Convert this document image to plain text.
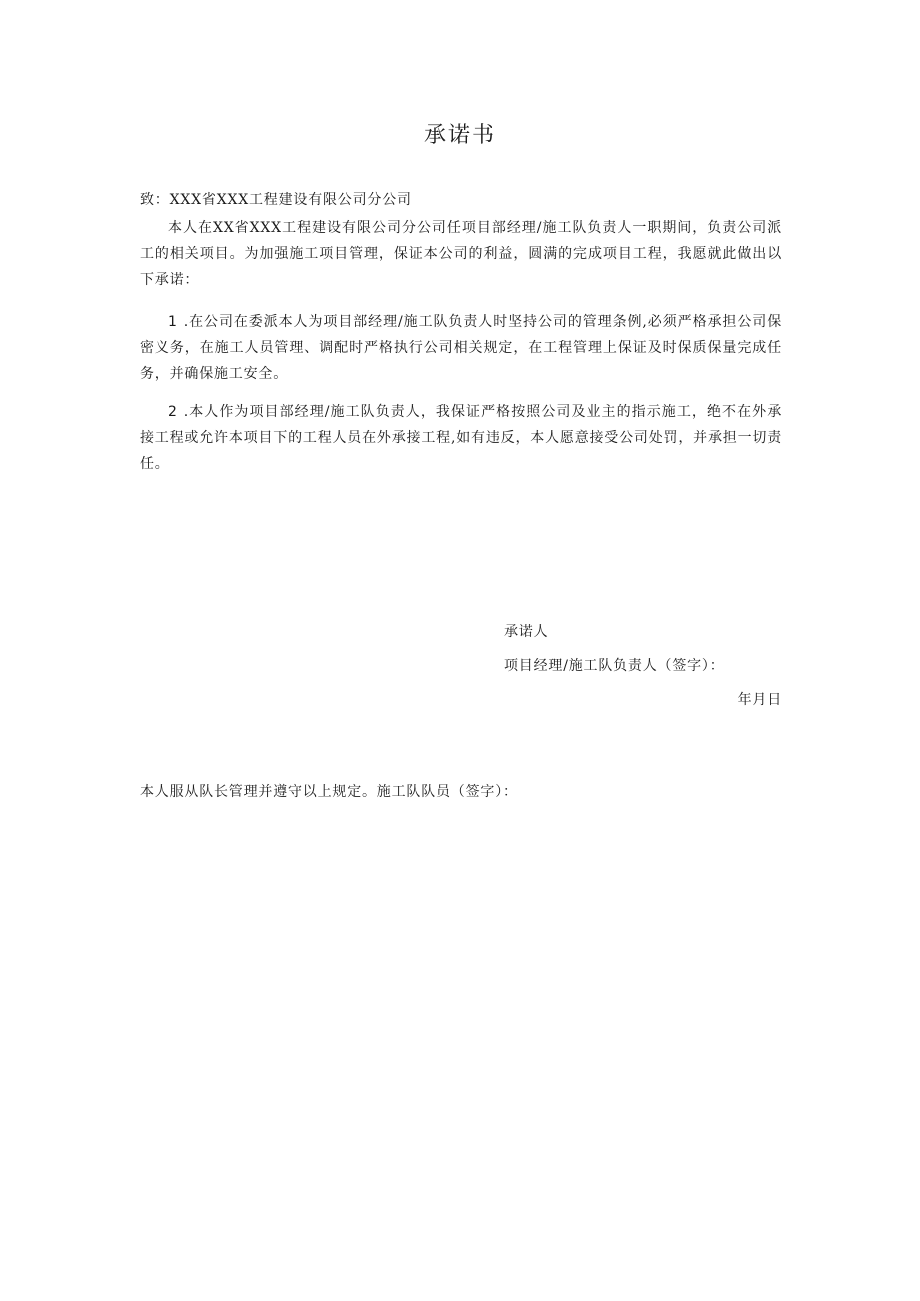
承诺书
致：XXX省XXX工程建设有限公司分公司

本人在XX省XXX工程建设有限公司分公司任项目部经理/施工队负责人一职期间，负责公司派工的相关项目。为加强施工项目管理，保证本公司的利益，圆满的完成项目工程，我愿就此做出以下承诺：

1 .在公司在委派本人为项目部经理/施工队负责人时坚持公司的管理条例,必须严格承担公司保密义务，在施工人员管理、调配时严格执行公司相关规定，在工程管理上保证及时保质保量完成任务，并确保施工安全。

2 .本人作为项目部经理/施工队负责人，我保证严格按照公司及业主的指示施工，绝不在外承接工程或允许本项目下的工程人员在外承接工程,如有违反，本人愿意接受公司处罚，并承担一切责任。

承诺人
项目经理/施工队负责人（签字）：
年月日
本人服从队长管理并遵守以上规定。施工队队员（签字）：
